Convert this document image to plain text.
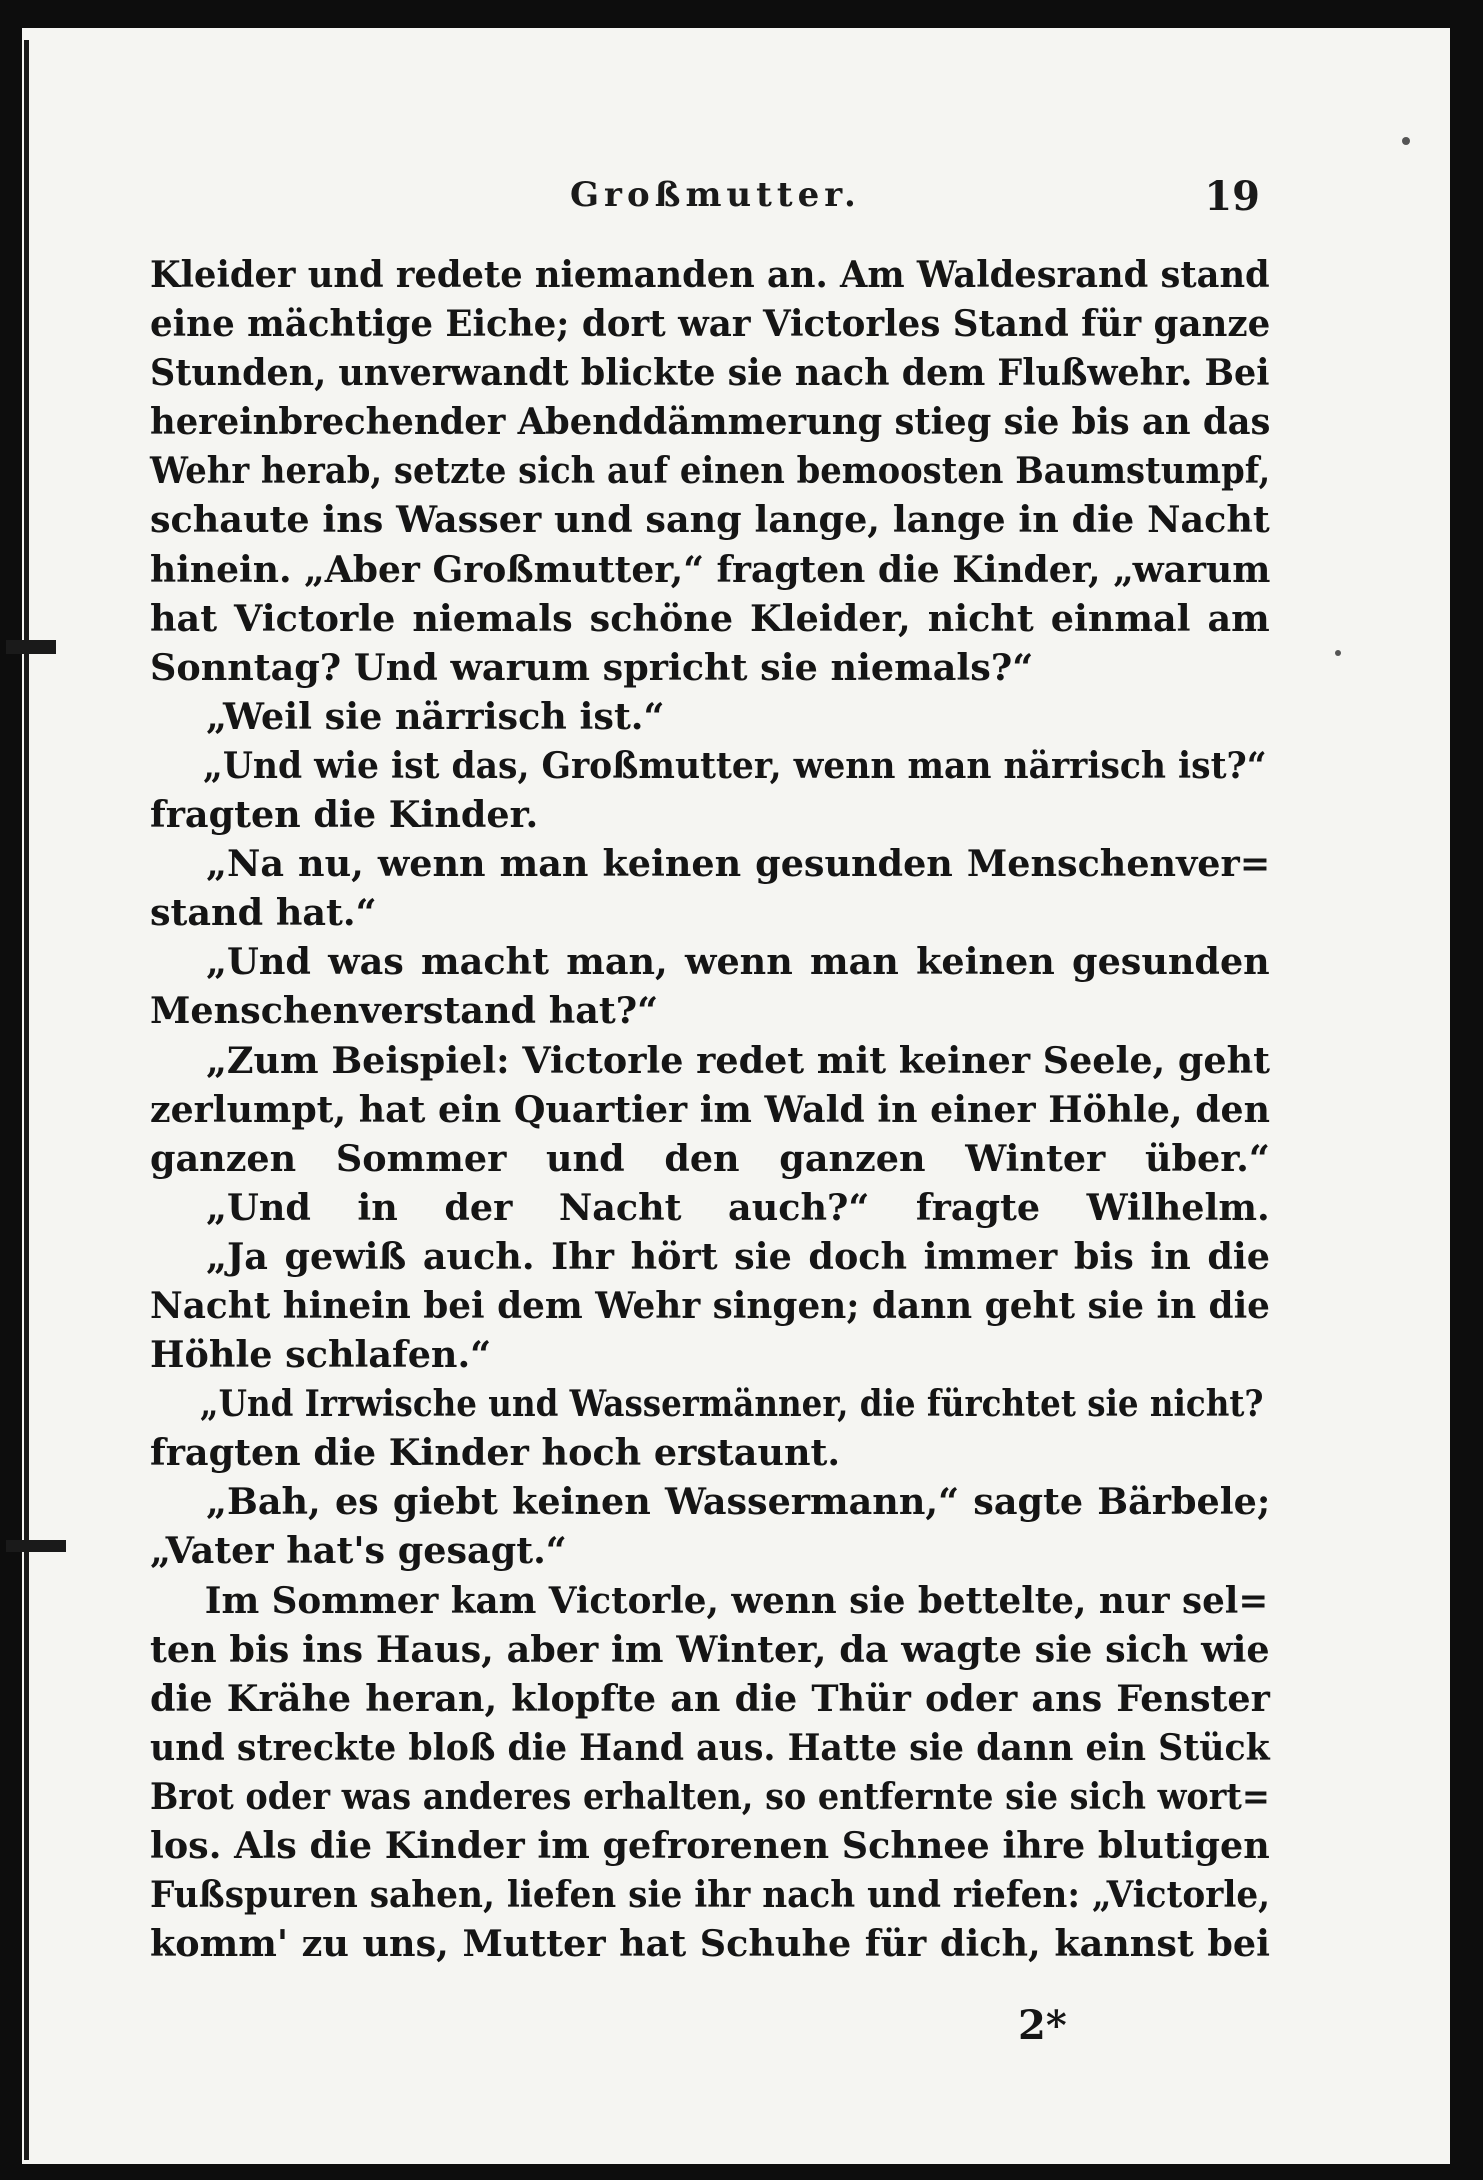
Großmutter.	19
Kleider und redete niemanden an. Am Waldesrand stand
eine mächtige Eiche; dort war Victorles Stand für ganze
Stunden, unverwandt blickte sie nach dem Flußwehr. Bei
hereinbrechender Abenddämmerung stieg sie bis an das
Wehr herab, setzte sich auf einen bemoosten Baumstumpf,
schaute ins Wasser und sang lange, lange in die Nacht
hinein. „Aber Großmutter,“ fragten die Kinder, „warum
hat Victorle niemals schöne Kleider, nicht einmal am
Sonntag? Und warum spricht sie niemals?“
„Weil sie närrisch ist.“
„Und wie ist das, Großmutter, wenn man närrisch ist?“
fragten die Kinder.
„Na nu, wenn man keinen gesunden Menschenver=
stand hat.“
„Und was macht man, wenn man keinen gesunden
Menschenverstand hat?“
„Zum Beispiel: Victorle redet mit keiner Seele, geht
zerlumpt, hat ein Quartier im Wald in einer Höhle, den
ganzen Sommer und den ganzen Winter über.“
„Und in der Nacht auch?“ fragte Wilhelm.
„Ja gewiß auch. Ihr hört sie doch immer bis in die
Nacht hinein bei dem Wehr singen; dann geht sie in die
Höhle schlafen.“
„Und Irrwische und Wassermänner, die fürchtet sie nicht?
fragten die Kinder hoch erstaunt.
„Bah, es giebt keinen Wassermann,“ sagte Bärbele;
„Vater hat's gesagt.“
Im Sommer kam Victorle, wenn sie bettelte, nur sel=
ten bis ins Haus, aber im Winter, da wagte sie sich wie
die Krähe heran, klopfte an die Thür oder ans Fenster
und streckte bloß die Hand aus. Hatte sie dann ein Stück
Brot oder was anderes erhalten, so entfernte sie sich wort=
los. Als die Kinder im gefrorenen Schnee ihre blutigen
Fußspuren sahen, liefen sie ihr nach und riefen: „Victorle,
komm' zu uns, Mutter hat Schuhe für dich, kannst bei
2*
